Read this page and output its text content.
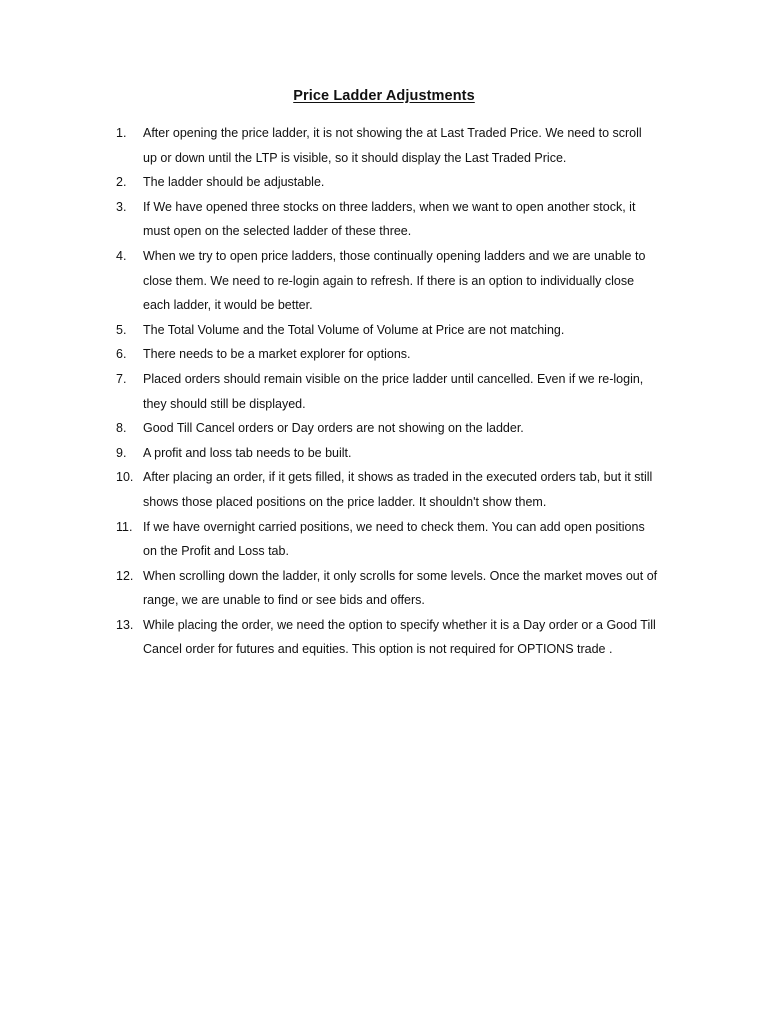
Price Ladder Adjustments
1. After opening the price ladder, it is not showing the at Last Traded Price. We need to scroll up or down until the LTP is visible, so it should display the Last Traded Price.
2. The ladder should be adjustable.
3. If We have opened three stocks on three ladders, when we want to open another stock, it must open on the selected ladder of these three.
4. When we try to open price ladders, those continually opening ladders and we are unable to close them. We need to re-login again to refresh. If there is an option to individually close each ladder, it would be better.
5. The Total Volume and the Total Volume of Volume at Price are not matching.
6. There needs to be a market explorer for options.
7. Placed orders should remain visible on the price ladder until cancelled. Even if we re-login, they should still be displayed.
8. Good Till Cancel orders or Day orders are not showing on the ladder.
9. A profit and loss tab needs to be built.
10. After placing an order, if it gets filled, it shows as traded in the executed orders tab, but it still shows those placed positions on the price ladder. It shouldn't show them.
11. If we have overnight carried positions, we need to check them. You can add open positions on the Profit and Loss tab.
12. When scrolling down the ladder, it only scrolls for some levels. Once the market moves out of range, we are unable to find or see bids and offers.
13. While placing the order, we need the option to specify whether it is a Day order or a Good Till Cancel order for futures and equities. This option is not required for OPTIONS trade .
